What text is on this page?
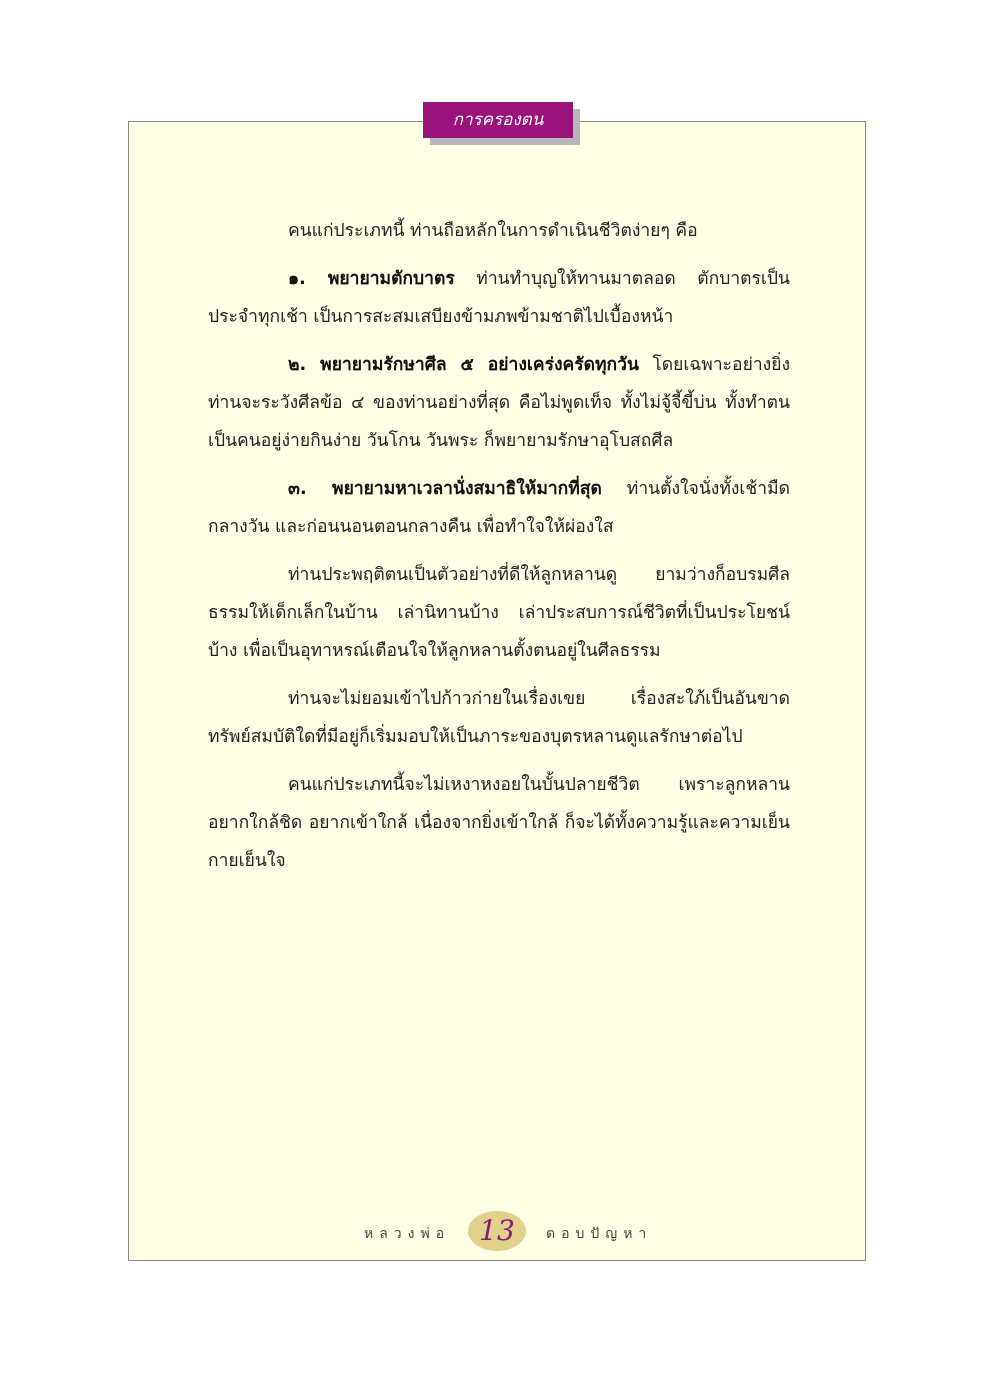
การครองตน

คนแก่ประเภทนี้ ท่านถือหลักในการดำเนินชีวิตง่ายๆ คือ

๑. พยายามตักบาตร ท่านทำบุญให้ทานมาตลอด ตักบาตรเป็นประจำทุกเช้า เป็นการสะสมเสบียงข้ามภพข้ามชาติไปเบื้องหน้า

๒. พยายามรักษาศีล ๕ อย่างเคร่งครัดทุกวัน โดยเฉพาะอย่างยิ่งท่านจะระวังศีลข้อ ๔ ของท่านอย่างที่สุด คือไม่พูดเท็จ ทั้งไม่จู้จี้ขี้บ่น ทั้งทำตนเป็นคนอยู่ง่ายกินง่าย วันโกน วันพระ ก็พยายามรักษาอุโบสถศีล

๓. พยายามหาเวลานั่งสมาธิให้มากที่สุด ท่านตั้งใจนั่งทั้งเช้ามืด กลางวัน และก่อนนอนตอนกลางคืน เพื่อทำใจให้ผ่องใส

ท่านประพฤติตนเป็นตัวอย่างที่ดีให้ลูกหลานดู ยามว่างก็อบรมศีลธรรมให้เด็กเล็กในบ้าน เล่านิทานบ้าง เล่าประสบการณ์ชีวิตที่เป็นประโยชน์บ้าง เพื่อเป็นอุทาหรณ์เตือนใจให้ลูกหลานตั้งตนอยู่ในศีลธรรม

ท่านจะไม่ยอมเข้าไปก้าวก่ายในเรื่องเขย เรื่องสะใภ้เป็นอันขาด ทรัพย์สมบัติใดที่มีอยู่ก็เริ่มมอบให้เป็นภาระของบุตรหลานดูแลรักษาต่อไป

คนแก่ประเภทนี้จะไม่เหงาหงอยในบั้นปลายชีวิต เพราะลูกหลานอยากใกล้ชิด อยากเข้าใกล้ เนื่องจากยิ่งเข้าใกล้ ก็จะได้ทั้งความรู้และความเย็นกายเย็นใจ

หลวงพ่อ	13	ตอบปัญหา
